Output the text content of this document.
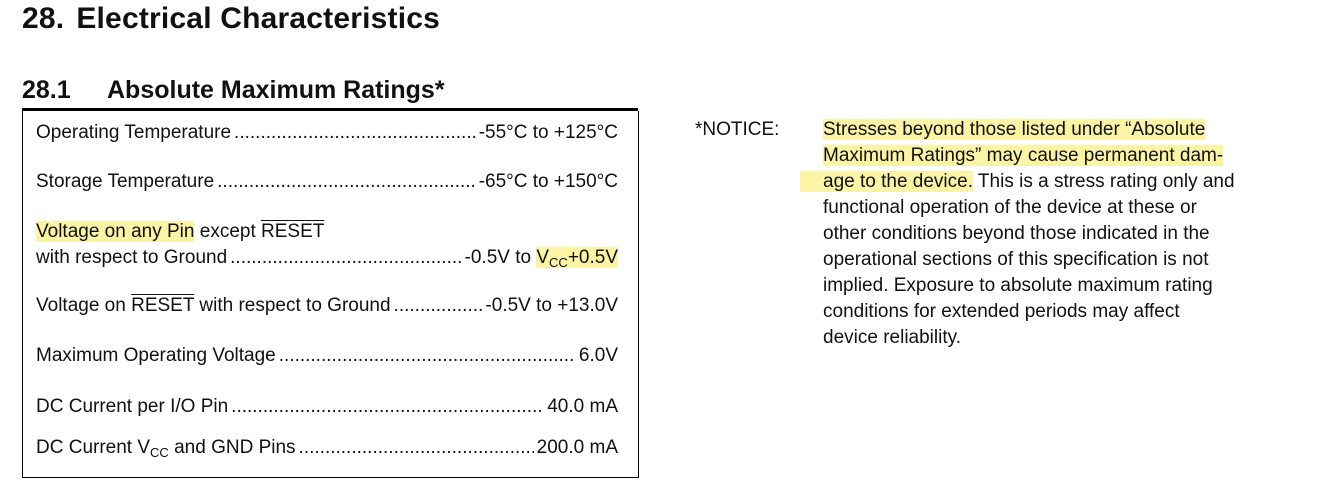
28. Electrical Characteristics
28.1 Absolute Maximum Ratings*
Operating Temperature .....	-55°C to +125°C
Storage Temperature .....	-65°C to +150°C
Voltage on any Pin except RESET
with respect to Ground .....	-0.5V to $V_{CC}+0.5V$
Voltage on RESET with respect to Ground .....	-0.5V to +13.0V
Maximum Operating Voltage .....	6.0V
DC Current per I/O Pin .....	40.0 mA
DC Current $V_{CC}$ and GND Pins .....	200.0 mA
*NOTICE: Stresses beyond those listed under “Absolute
Maximum Ratings” may cause permanent dam-
age to the device. This is a stress rating only and
functional operation of the device at these or
other conditions beyond those indicated in the
operational sections of this specification is not
implied. Exposure to absolute maximum rating
conditions for extended periods may affect
device reliability.
